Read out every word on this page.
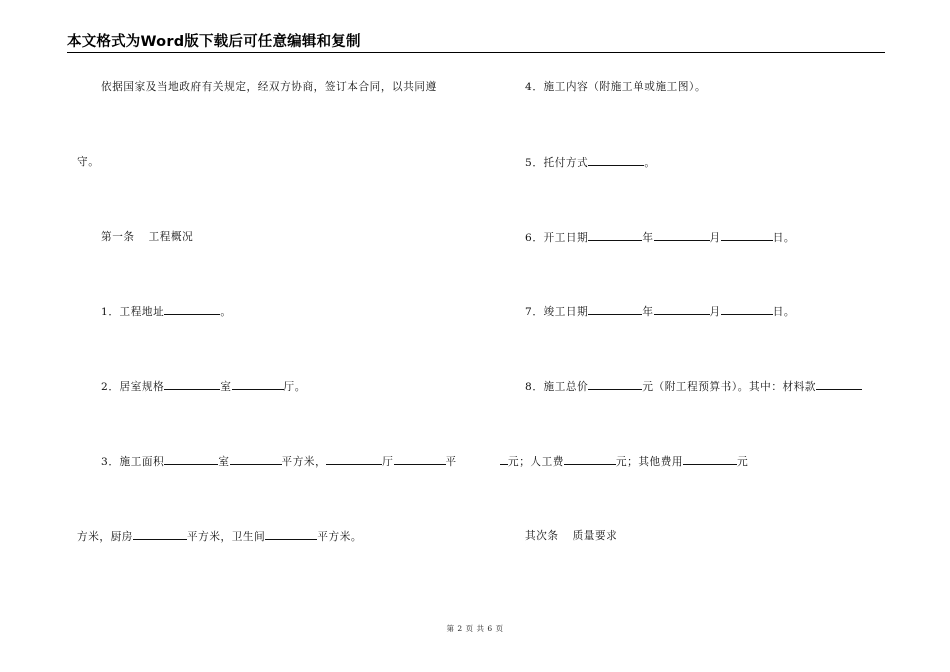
本文格式为Word版下载后可任意编辑和复制
依据国家及当地政府有关规定，经双方协商，签订本合同，以共同遵
守。
第一条 工程概况
1．工程地址	。
2．居室规格	室	厅。
3．施工面积	室	平方米，	厅	平
方米，厨房	平方米，卫生间	平方米。
4．施工内容（附施工单或施工图）。
5．托付方式	。
6．开工日期	年	月	日。
7．竣工日期	年	月	日。
8．施工总价	元（附工程预算书）。其中：材料款
元；人工费	元；其他费用	元
其次条 质量要求
第 2 页 共 6 页
